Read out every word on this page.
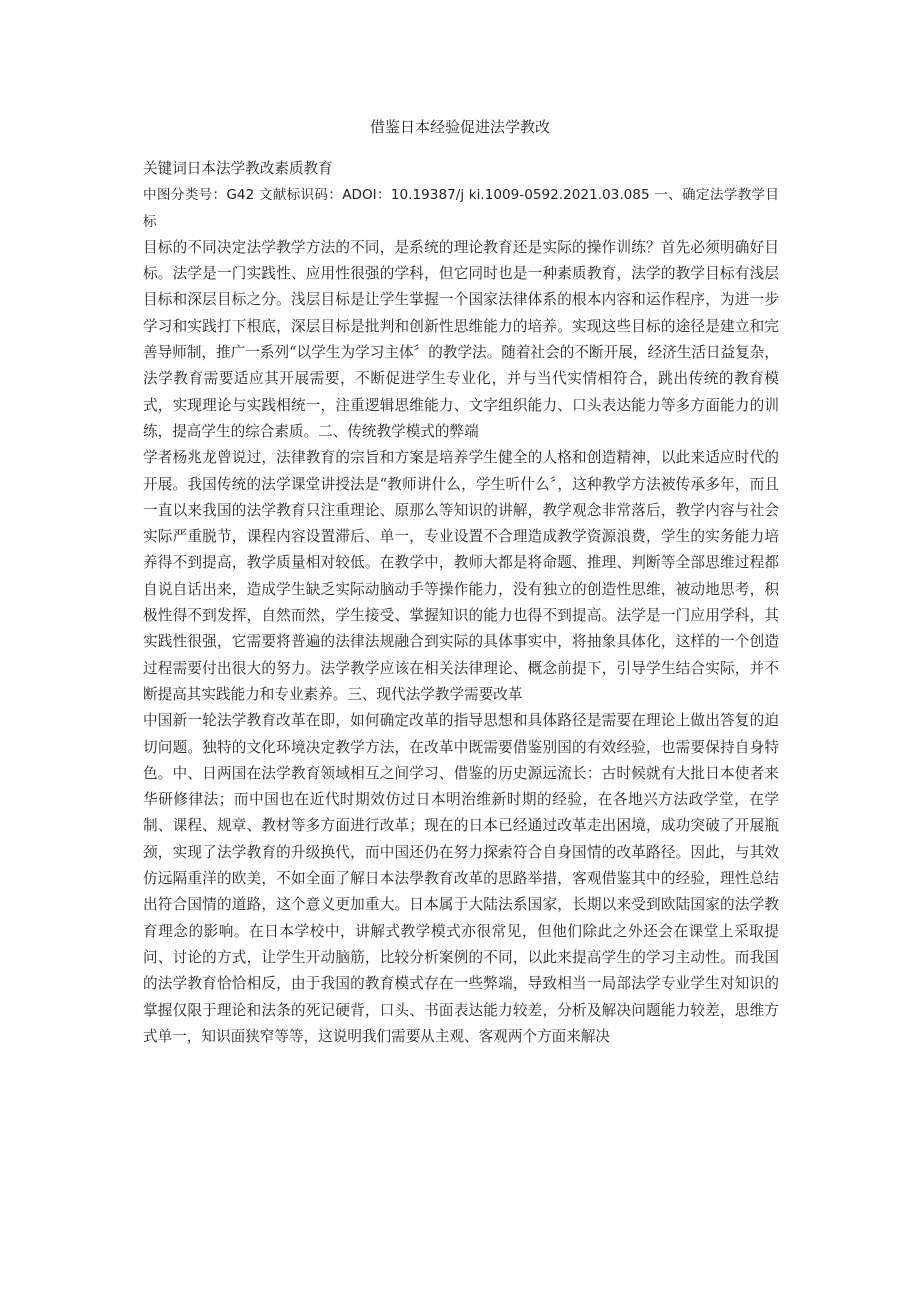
借鉴日本经验促进法学教改

关键词日本法学教改素质教育

中图分类号：G42 文献标识码：ADOI：10.19387/j ki.1009-0592.2021.03.085 一、确定法学教学目标

目标的不同决定法学教学方法的不同，是系统的理论教育还是实际的操作训练？首先必须明确好目标。法学是一门实践性、应用性很强的学科，但它同时也是一种素质教育，法学的教学目标有浅层目标和深层目标之分。浅层目标是让学生掌握一个国家法律体系的根本内容和运作程序，为进一步学习和实践打下根底，深层目标是批判和创新性思维能力的培养。实现这些目标的途径是建立和完善导师制，推广一系列“以学生为学习主体〞的教学法。随着社会的不断开展，经济生活日益复杂，法学教育需要适应其开展需要，不断促进学生专业化，并与当代实情相符合，跳出传统的教育模式，实现理论与实践相统一，注重逻辑思维能力、文字组织能力、口头表达能力等多方面能力的训练，提高学生的综合素质。二、传统教学模式的弊端

学者杨兆龙曾说过，法律教育的宗旨和方案是培养学生健全的人格和创造精神，以此来适应时代的开展。我国传统的法学课堂讲授法是“教师讲什么，学生听什么〞，这种教学方法被传承多年，而且一直以来我国的法学教育只注重理论、原那么等知识的讲解，教学观念非常落后，教学内容与社会实际严重脱节，课程内容设置滞后、单一，专业设置不合理造成教学资源浪费，学生的实务能力培养得不到提高，教学质量相对较低。在教学中，教师大都是将命题、推理、判断等全部思维过程都自说自话出来，造成学生缺乏实际动脑动手等操作能力，没有独立的创造性思维，被动地思考，积极性得不到发挥，自然而然，学生接受、掌握知识的能力也得不到提高。法学是一门应用学科，其实践性很强，它需要将普遍的法律法规融合到实际的具体事实中，将抽象具体化，这样的一个创造过程需要付出很大的努力。法学教学应该在相关法律理论、概念前提下，引导学生结合实际，并不断提高其实践能力和专业素养。三、现代法学教学需要改革

中国新一轮法学教育改革在即，如何确定改革的指导思想和具体路径是需要在理论上做出答复的迫切问题。独特的文化环境决定教学方法，在改革中既需要借鉴别国的有效经验，也需要保持自身特色。中、日两国在法学教育领域相互之间学习、借鉴的历史源远流长：古时候就有大批日本使者来华研修律法；而中国也在近代时期效仿过日本明治维新时期的经验，在各地兴方法政学堂，在学制、课程、规章、教材等多方面进行改革；现在的日本已经通过改革走出困境，成功突破了开展瓶颈，实现了法学教育的升级换代，而中国还仍在努力探索符合自身国情的改革路径。因此，与其效仿远隔重洋的欧美，不如全面了解日本法學教育改革的思路举措，客观借鉴其中的经验，理性总结出符合国情的道路，这个意义更加重大。日本属于大陆法系国家，长期以来受到欧陆国家的法学教育理念的影响。在日本学校中，讲解式教学模式亦很常见，但他们除此之外还会在课堂上采取提问、讨论的方式，让学生开动脑筋，比较分析案例的不同，以此来提高学生的学习主动性。而我国的法学教育恰恰相反，由于我国的教育模式存在一些弊端，导致相当一局部法学专业学生对知识的掌握仅限于理论和法条的死记硬背，口头、书面表达能力较差，分析及解决问题能力较差，思维方式单一，知识面狭窄等等，这说明我们需要从主观、客观两个方面来解决
